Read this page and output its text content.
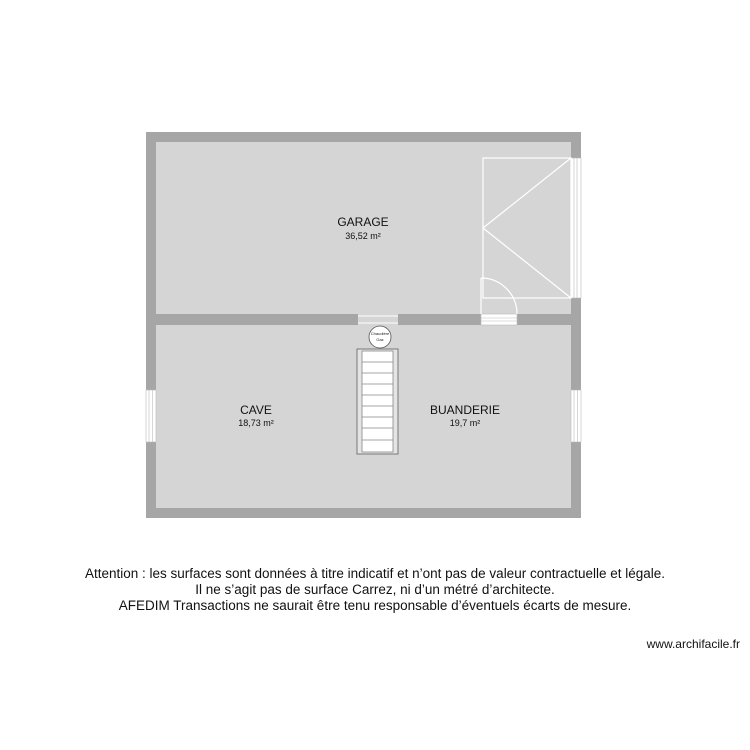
Chaudière
Gaz
GARAGE
36,52 m²
CAVE
18,73 m²
BUANDERIE
19,7 m²
Attention : les surfaces sont données à titre indicatif et n’ont pas de valeur contractuelle et légale.
Il ne s’agit pas de surface Carrez, ni d’un métré d’architecte.
AFEDIM Transactions ne saurait être tenu responsable d’éventuels écarts de mesure.
www.archifacile.fr
